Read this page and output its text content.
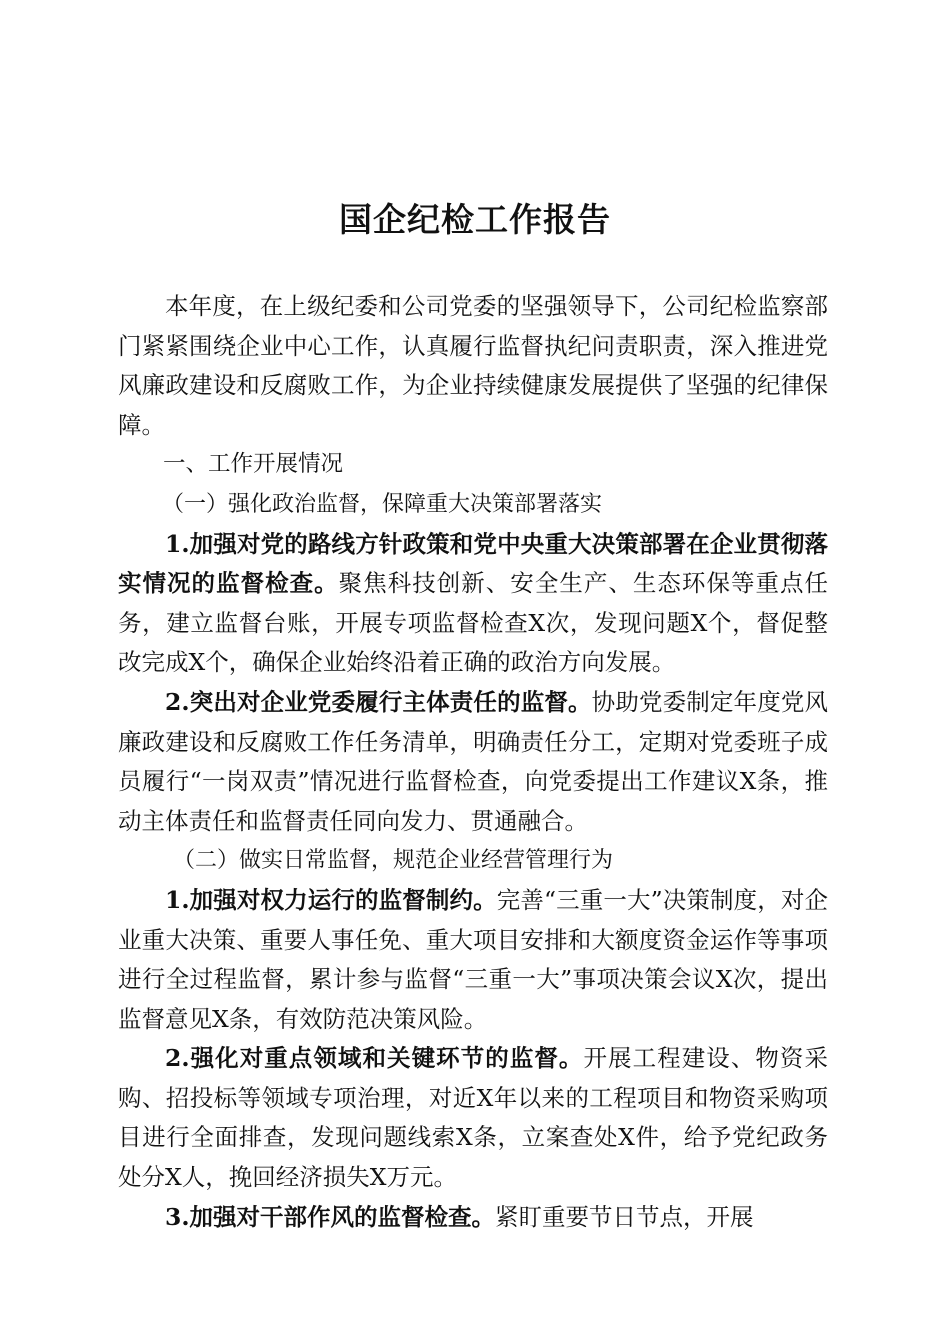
国企纪检工作报告

本年度，在上级纪委和公司党委的坚强领导下，公司纪检监察部门紧紧围绕企业中心工作，认真履行监督执纪问责职责，深入推进党风廉政建设和反腐败工作，为企业持续健康发展提供了坚强的纪律保障。

一、工作开展情况

（一）强化政治监督，保障重大决策部署落实

1.加强对党的路线方针政策和党中央重大决策部署在企业贯彻落实情况的监督检查。聚焦科技创新、安全生产、生态环保等重点任务，建立监督台账，开展专项监督检查X次，发现问题X个，督促整改完成X个，确保企业始终沿着正确的政治方向发展。

2.突出对企业党委履行主体责任的监督。协助党委制定年度党风廉政建设和反腐败工作任务清单，明确责任分工，定期对党委班子成员履行“一岗双责”情况进行监督检查，向党委提出工作建议X条，推动主体责任和监督责任同向发力、贯通融合。

（二）做实日常监督，规范企业经营管理行为

1.加强对权力运行的监督制约。完善“三重一大”决策制度，对企业重大决策、重要人事任免、重大项目安排和大额度资金运作等事项进行全过程监督，累计参与监督“三重一大”事项决策会议X次，提出监督意见X条，有效防范决策风险。

2.强化对重点领域和关键环节的监督。开展工程建设、物资采购、招投标等领域专项治理，对近X年以来的工程项目和物资采购项目进行全面排查，发现问题线索X条，立案查处X件，给予党纪政务处分X人，挽回经济损失X万元。

3.加强对干部作风的监督检查。紧盯重要节日节点，开展
